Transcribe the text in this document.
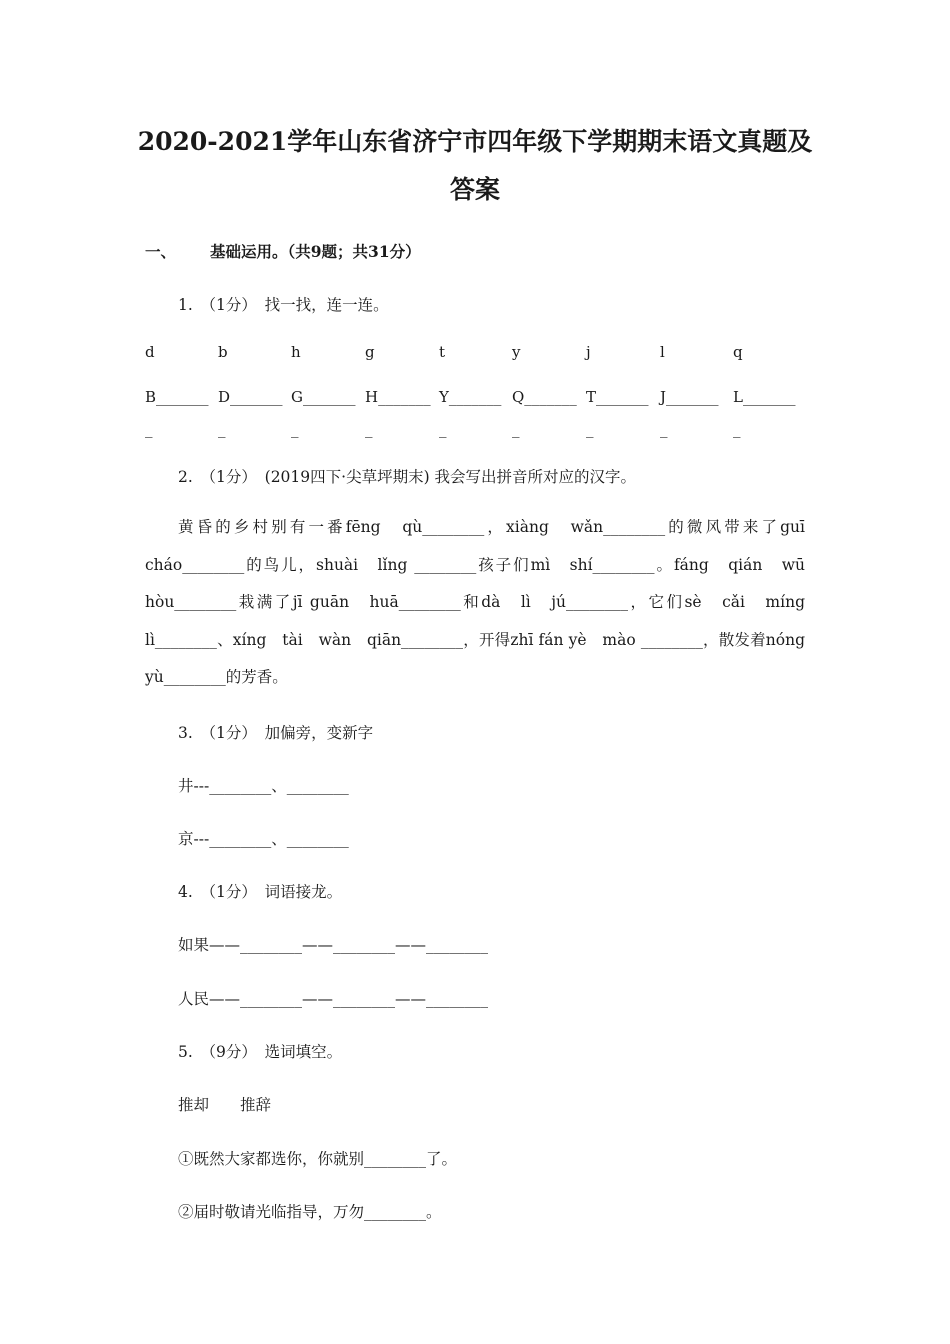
2020-2021学年山东省济宁市四年级下学期期末语文真题及
答案
一、 基础运用。（共9题；共31分）
1.　（1分）　找一找，连一连。
d	b	h	g	t	y	j	l	q
B_______ D_______ G_______ H_______ Y_______ Q_______ T_______ J_______ L_______
_	_	_	_	_	_	_	_	_
2.　（1分）　(2019四下·尖草坪期末) 我会写出拼音所对应的汉字。
黄昏的乡村别有一番fēng　qù________，xiàng　wǎn________的微风带来了guī cháo________的鸟儿，shuài　lǐng ________孩子们mì　shí________。fáng　qián　wū hòu________栽满了jī guān　huā________和dà　lì　jú________，它们sè　cǎi　míng　lì________、xíng　tài　wàn　qiān________，开得zhī fán yè　mào ________，散发着nóng　yù________的芳香。
3.　（1分）　加偏旁，变新字
井---________、________
京---________、________
4.　（1分）　词语接龙。
如果——________——________——________
人民——________——________——________
5.　（9分）　选词填空。
推却　　推辞
①既然大家都选你，你就别________了。
②届时敬请光临指导，万勿________。
